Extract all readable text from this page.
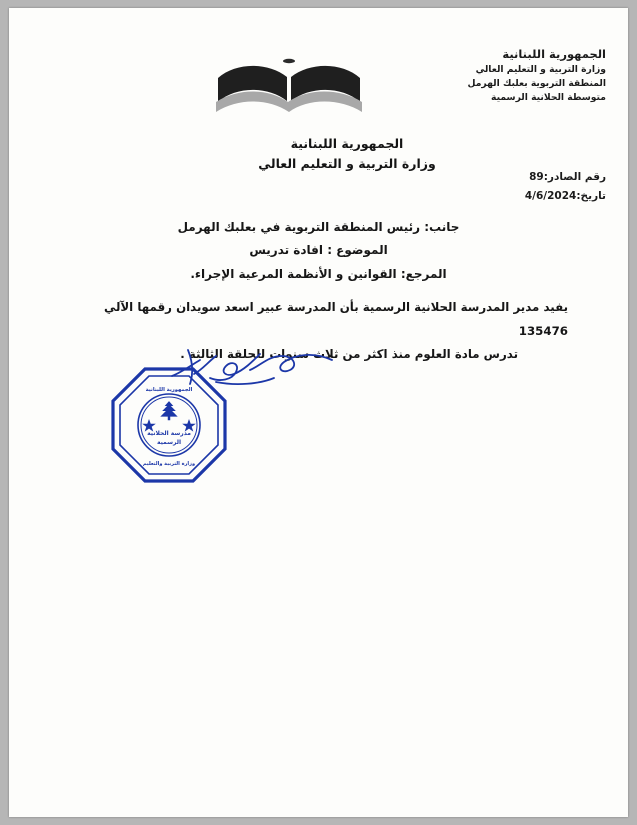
الجمهورية اللبنانية
وزارة التربية و التعليم العالي
المنطقة التربوية بعلبك الهرمل
متوسطة الحلانية الرسمية
الجمهورية اللبنانية
وزارة التربية و التعليم العالي
رقم الصادر:89
تاريخ:4/6/2024
جانب: رئيس المنطقة التربوية في بعلبك الهرمل
الموضوع : افادة تدريس
المرجع: القوانين و الأنظمة المرعية الإجراء.
يفيد مدير المدرسة الحلانية الرسمية بأن المدرسة عبير اسعد سويدان رقمها الآلي 135476
تدرس مادة العلوم منذ اكثر من ثلاث سنوات للحلقة الثالثة .
الجمهورية اللبنانية
مدرسة الحلانية
الرسمية
وزارة التربية والتعليم
